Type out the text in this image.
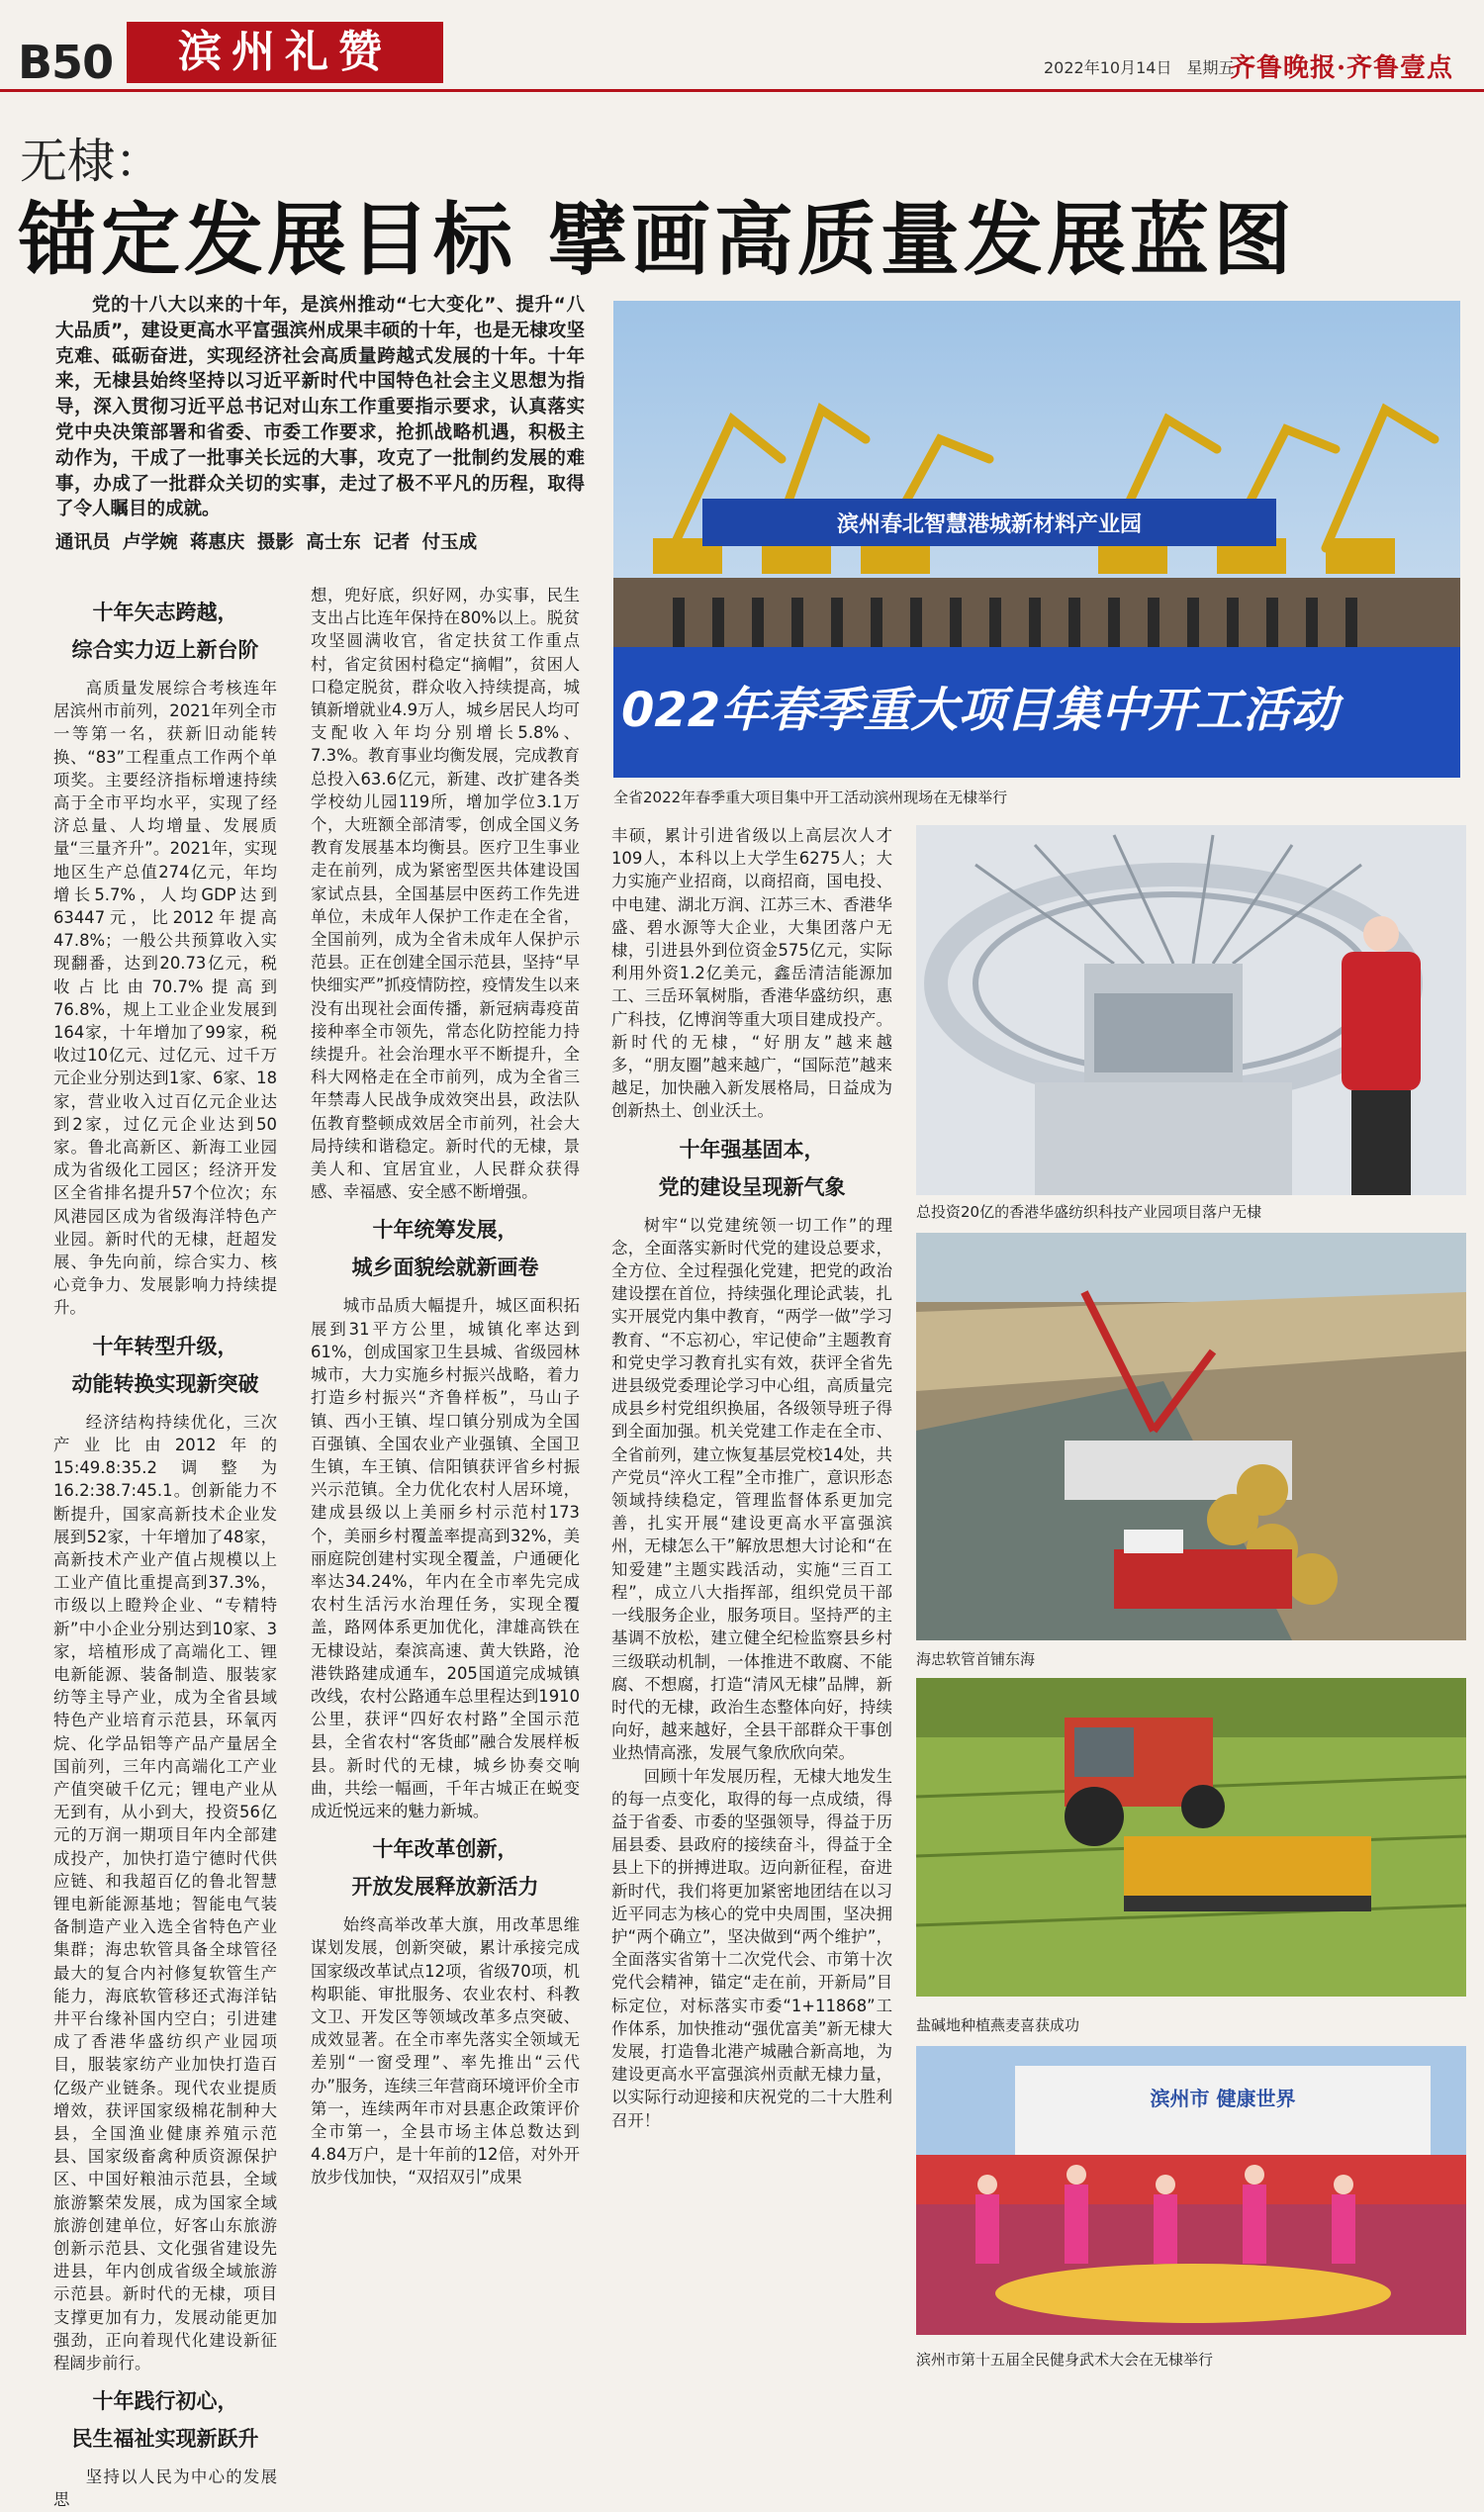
B50	滨州礼赞	2022年10月14日 星期五
齐鲁晚报·齐鲁壹点
无棣：
锚定发展目标 擘画高质量发展蓝图

党的十八大以来的十年，是滨州推动“七大变化”、提升“八大品质”，建设更高水平富强滨州成果丰硕的十年，也是无棣攻坚克难、砥砺奋进，实现经济社会高质量跨越式发展的十年。十年来，无棣县始终坚持以习近平新时代中国特色社会主义思想为指导，深入贯彻习近平总书记对山东工作重要指示要求，认真落实党中央决策部署和省委、市委工作要求，抢抓战略机遇，积极主动作为，干成了一批事关长远的大事，攻克了一批制约发展的难事，办成了一批群众关切的实事，走过了极不平凡的历程，取得了令人瞩目的成就。

通讯员 卢学婉 蒋惠庆 摄影 高士东 记者 付玉成
十年矢志跨越，
综合实力迈上新台阶

高质量发展综合考核连年居滨州市前列，2021年列全市一等第一名，获新旧动能转换、“83”工程重点工作两个单项奖。主要经济指标增速持续高于全市平均水平，实现了经济总量、人均增量、发展质量“三量齐升”。2021年，实现地区生产总值274亿元，年均增长5.7%，人均GDP达到63447元，比2012年提高47.8%；一般公共预算收入实现翻番，达到20.73亿元，税收占比由70.7%提高到76.8%，规上工业企业发展到164家，十年增加了99家，税收过10亿元、过亿元、过千万元企业分别达到1家、6家、18家，营业收入过百亿元企业达到2家，过亿元企业达到50家。鲁北高新区、新海工业园成为省级化工园区；经济开发区全省排名提升57个位次；东风港园区成为省级海洋特色产业园。新时代的无棣，赶超发展、争先向前，综合实力、核心竞争力、发展影响力持续提升。

十年转型升级，
动能转换实现新突破

经济结构持续优化，三次产业比由2012年的15:49.8:35.2调整为16.2:38.7:45.1。创新能力不断提升，国家高新技术企业发展到52家，十年增加了48家，高新技术产业产值占规模以上工业产值比重提高到37.3%，市级以上瞪羚企业、“专精特新”中小企业分别达到10家、3家，培植形成了高端化工、锂电新能源、装备制造、服装家纺等主导产业，成为全省县域特色产业培育示范县，环氧丙烷、化学品铝等产品产量居全国前列，三年内高端化工产业产值突破千亿元；锂电产业从无到有，从小到大，投资56亿元的万润一期项目年内全部建成投产，加快打造宁德时代供应链、和我超百亿的鲁北智慧锂电新能源基地；智能电气装备制造产业入选全省特色产业集群；海忠软管具备全球管径最大的复合内衬修复软管生产能力，海底软管移还式海洋钻井平台缘补国内空白；引进建成了香港华盛纺织产业园项目，服装家纺产业加快打造百亿级产业链条。现代农业提质增效，获评国家级棉花制种大县，全国渔业健康养殖示范县、国家级畜禽种质资源保护区、中国好粮油示范县，全域旅游繁荣发展，成为国家全域旅游创建单位，好客山东旅游创新示范县、文化强省建设先进县，年内创成省级全域旅游示范县。新时代的无棣，项目支撑更加有力，发展动能更加强劲，正向着现代化建设新征程阔步前行。

十年践行初心，
民生福祉实现新跃升

坚持以人民为中心的发展思

想，兜好底，织好网，办实事，民生支出占比连年保持在80%以上。脱贫攻坚圆满收官，省定扶贫工作重点村，省定贫困村稳定“摘帽”，贫困人口稳定脱贫，群众收入持续提高，城镇新增就业4.9万人，城乡居民人均可支配收入年均分别增长5.8%、7.3%。教育事业均衡发展，完成教育总投入63.6亿元，新建、改扩建各类学校幼儿园119所，增加学位3.1万个，大班额全部清零，创成全国义务教育发展基本均衡县。医疗卫生事业走在前列，成为紧密型医共体建设国家试点县，全国基层中医药工作先进单位，未成年人保护工作走在全省，全国前列，成为全省未成年人保护示范县。正在创建全国示范县，坚持“早快细实严”抓疫情防控，疫情发生以来没有出现社会面传播，新冠病毒疫苗接种率全市领先，常态化防控能力持续提升。社会治理水平不断提升，全科大网格走在全市前列，成为全省三年禁毒人民战争成效突出县，政法队伍教育整顿成效居全市前列，社会大局持续和谐稳定。新时代的无棣，景美人和、宜居宜业，人民群众获得感、幸福感、安全感不断增强。

十年统筹发展，
城乡面貌绘就新画卷

城市品质大幅提升，城区面积拓展到31平方公里，城镇化率达到61%，创成国家卫生县城、省级园林城市，大力实施乡村振兴战略，着力打造乡村振兴“齐鲁样板”，马山子镇、西小王镇、埕口镇分别成为全国百强镇、全国农业产业强镇、全国卫生镇，车王镇、信阳镇获评省乡村振兴示范镇。全力优化农村人居环境，建成县级以上美丽乡村示范村173个，美丽乡村覆盖率提高到32%，美丽庭院创建村实现全覆盖，户通硬化率达34.24%，年内在全市率先完成农村生活污水治理任务，实现全覆盖，路网体系更加优化，津雄高铁在无棣设站，秦滨高速、黄大铁路，沧港铁路建成通车，205国道完成城镇改线，农村公路通车总里程达到1910公里，获评“四好农村路”全国示范县，全省农村“客货邮”融合发展样板县。新时代的无棣，城乡协奏交响曲，共绘一幅画，千年古城正在蜕变成近悦远来的魅力新城。

十年改革创新，
开放发展释放新活力

始终高举改革大旗，用改革思维谋划发展，创新突破，累计承接完成国家级改革试点12项，省级70项，机构职能、审批服务、农业农村、科教文卫、开发区等领域改革多点突破、成效显著。在全市率先落实全领域无差别“一窗受理”、率先推出“云代办”服务，连续三年营商环境评价全市第一，连续两年市对县惠企政策评价全市第一，全县市场主体总数达到4.84万户，是十年前的12倍，对外开放步伐加快，“双招双引”成果

丰硕，累计引进省级以上高层次人才109人，本科以上大学生6275人；大力实施产业招商，以商招商，国电投、中电建、湖北万润、江苏三木、香港华盛、碧水源等大企业，大集团落户无棣，引进县外到位资金575亿元，实际利用外资1.2亿美元，鑫岳清洁能源加工、三岳环氧树脂，香港华盛纺织，惠广科技，亿博润等重大项目建成投产。新时代的无棣，“好朋友”越来越多，“朋友圈”越来越广，“国际范”越来越足，加快融入新发展格局，日益成为创新热土、创业沃土。

十年强基固本，
党的建设呈现新气象

树牢“以党建统领一切工作”的理念，全面落实新时代党的建设总要求，全方位、全过程强化党建，把党的政治建设摆在首位，持续强化理论武装，扎实开展党内集中教育，“两学一做”学习教育、“不忘初心，牢记使命”主题教育和党史学习教育扎实有效，获评全省先进县级党委理论学习中心组，高质量完成县乡村党组织换届，各级领导班子得到全面加强。机关党建工作走在全市、全省前列，建立恢复基层党校14处，共产党员“淬火工程”全市推广，意识形态领域持续稳定，管理监督体系更加完善，扎实开展“建设更高水平富强滨州，无棣怎么干”解放思想大讨论和“在知爱建”主题实践活动，实施“三百工程”，成立八大指挥部，组织党员干部一线服务企业，服务项目。坚持严的主基调不放松，建立健全纪检监察县乡村三级联动机制，一体推进不敢腐、不能腐、不想腐，打造“清风无棣”品牌，新时代的无棣，政治生态整体向好，持续向好，越来越好，全县干部群众干事创业热情高涨，发展气象欣欣向荣。

回顾十年发展历程，无棣大地发生的每一点变化，取得的每一点成绩，得益于省委、市委的坚强领导，得益于历届县委、县政府的接续奋斗，得益于全县上下的拼搏进取。迈向新征程，奋进新时代，我们将更加紧密地团结在以习近平同志为核心的党中央周围，坚决拥护“两个确立”，坚决做到“两个维护”，全面落实省第十二次党代会、市第十次党代会精神，锚定“走在前，开新局”目标定位，对标落实市委“1+11868”工作体系，加快推动“强优富美”新无棣大发展，打造鲁北港产城融合新高地，为建设更高水平富强滨州贡献无棣力量，以实际行动迎接和庆祝党的二十大胜利召开！

滨州春北智慧港城新材料产业园
022年春季重大项目集中开工活动
全省2022年春季重大项目集中开工活动滨州现场在无棣举行
总投资20亿的香港华盛纺织科技产业园项目落户无棣
海忠软管首铺东海
盐碱地种植燕麦喜获成功
滨州市 健康世界
滨州市第十五届全民健身武术大会在无棣举行
